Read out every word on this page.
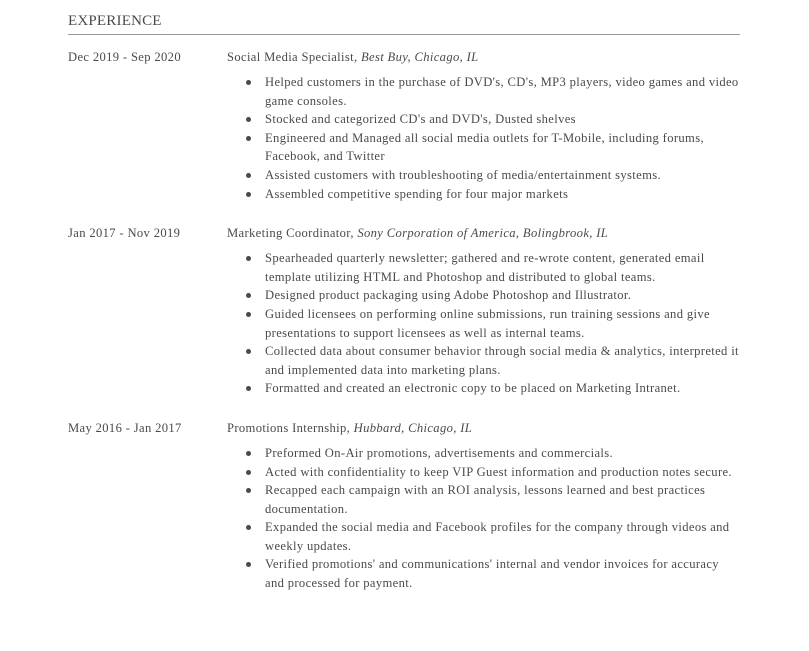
EXPERIENCE
Dec 2019 - Sep 2020	Social Media Specialist, Best Buy, Chicago, IL
Helped customers in the purchase of DVD's, CD's, MP3 players, video games and video game consoles.
Stocked and categorized CD's and DVD's, Dusted shelves
Engineered and Managed all social media outlets for T-Mobile, including forums, Facebook, and Twitter
Assisted customers with troubleshooting of media/entertainment systems.
Assembled competitive spending for four major markets
Jan 2017 - Nov 2019	Marketing Coordinator, Sony Corporation of America, Bolingbrook, IL
Spearheaded quarterly newsletter; gathered and re-wrote content, generated email template utilizing HTML and Photoshop and distributed to global teams.
Designed product packaging using Adobe Photoshop and Illustrator.
Guided licensees on performing online submissions, run training sessions and give presentations to support licensees as well as internal teams.
Collected data about consumer behavior through social media & analytics, interpreted it and implemented data into marketing plans.
Formatted and created an electronic copy to be placed on Marketing Intranet.
May 2016 - Jan 2017	Promotions Internship, Hubbard, Chicago, IL
Preformed On-Air promotions, advertisements and commercials.
Acted with confidentiality to keep VIP Guest information and production notes secure.
Recapped each campaign with an ROI analysis, lessons learned and best practices documentation.
Expanded the social media and Facebook profiles for the company through videos and weekly updates.
Verified promotions' and communications' internal and vendor invoices for accuracy and processed for payment.
